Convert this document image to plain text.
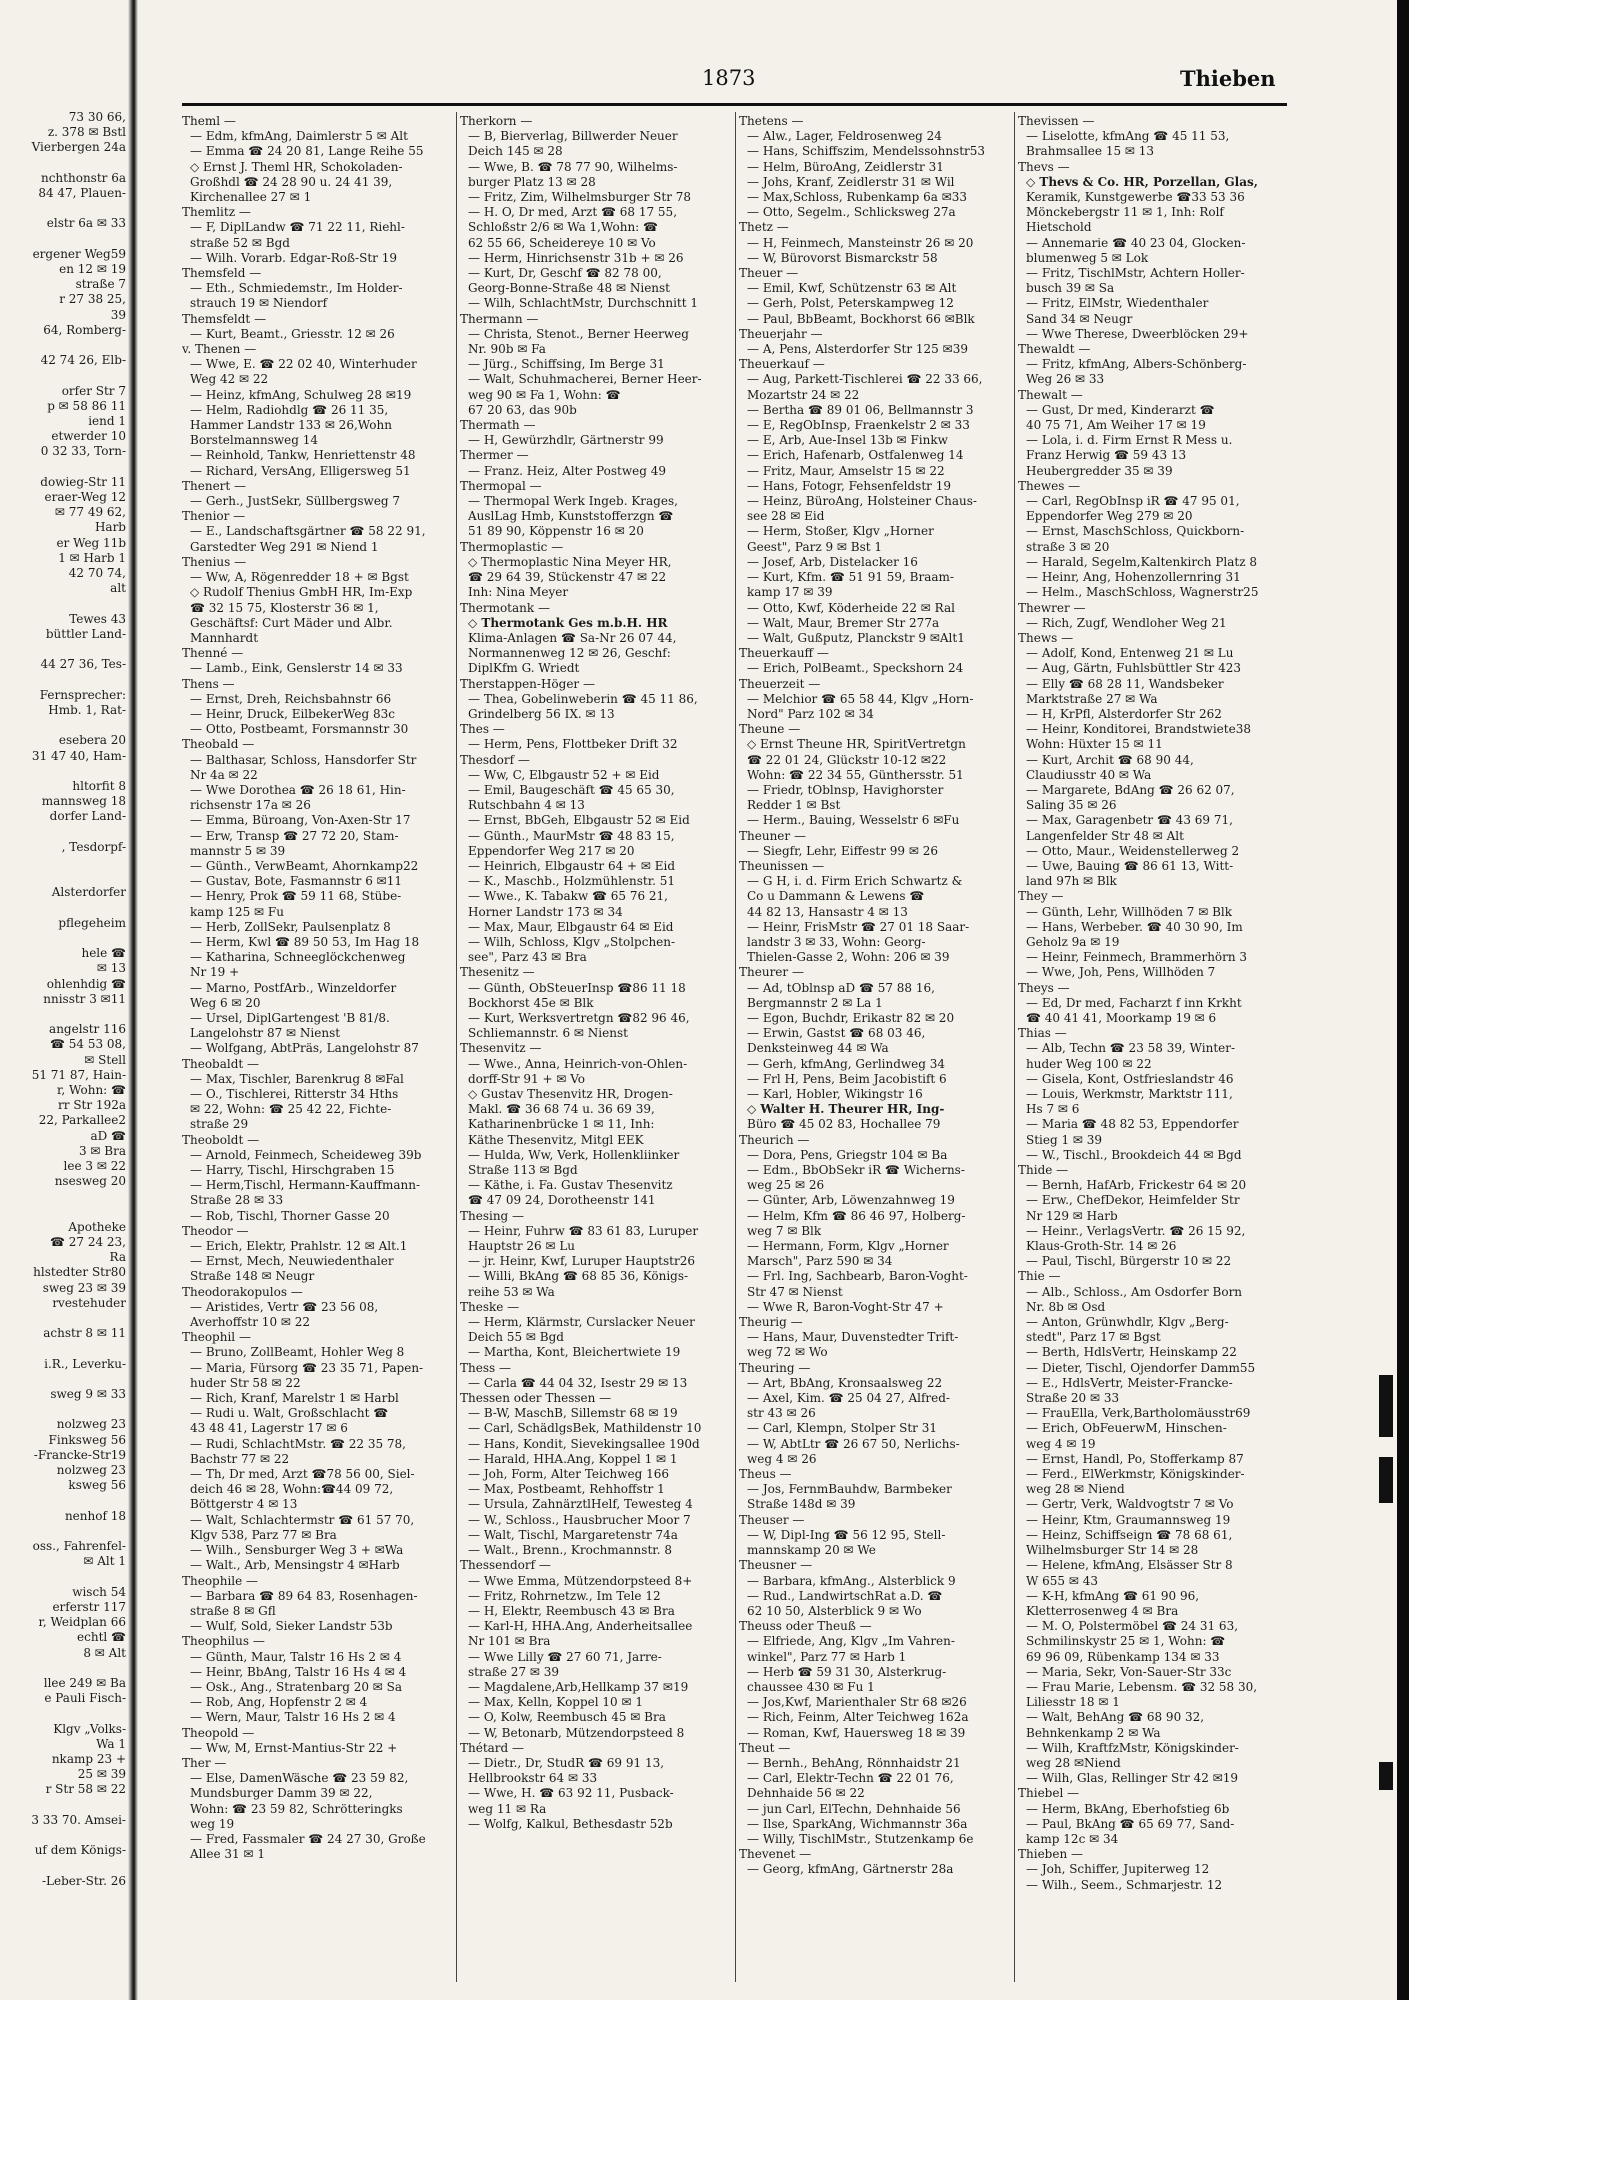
73 30 66,

z. 378 ✉ Bstl

Vierbergen 24a

nchthonstr 6a

84 47, Plauen-

elstr 6a ✉ 33

ergener Weg59

en 12 ✉ 19

straße 7

r 27 38 25,

39

64, Romberg-

42 74 26, Elb-

orfer Str 7

p ✉ 58 86 11

iend 1

etwerder 10

0 32 33, Torn-

dowieg-Str 11

eraer-Weg 12

✉ 77 49 62,

Harb

er Weg 11b

1 ✉ Harb 1

42 70 74,

alt

Tewes 43

büttler Land-

44 27 36, Tes-

Fernsprecher:

Hmb. 1, Rat-

esebera 20

31 47 40, Ham-

hltorfit 8

mannsweg 18

dorfer Land-

, Tesdorpf-

Alsterdorfer

pflegeheim

hele ☎

✉ 13

ohlenhdig ☎

nnisstr 3 ✉11

angelstr 116

☎ 54 53 08,

✉ Stell

51 71 87, Hain-

r, Wohn: ☎

rr Str 192a

22, Parkallee2

aD ☎

3 ✉ Bra

lee 3 ✉ 22

nsesweg 20

Apotheke

☎ 27 24 23,

Ra

hlstedter Str80

sweg 23 ✉ 39

rvestehuder

achstr 8 ✉ 11

i.R., Leverku-

sweg 9 ✉ 33

nolzweg 23

Finksweg 56

-Francke-Str19

nolzweg 23

ksweg 56

nenhof 18

oss., Fahrenfel-

✉ Alt 1

wisch 54

erferstr 117

r, Weidplan 66

echtl ☎

8 ✉ Alt

llee 249 ✉ Ba

e Pauli Fisch-

Klgv „Volks-

Wa 1

nkamp 23 +

25 ✉ 39

r Str 58 ✉ 22

3 33 70. Amsei-

uf dem Königs-

-Leber-Str. 26

1873	Thieben

Theml —

— Edm, kfmAng, Daimlerstr 5 ✉ Alt

— Emma ☎ 24 20 81, Lange Reihe 55

◇ Ernst J. Theml HR, Schokoladen-

Großhdl ☎ 24 28 90 u. 24 41 39,

Kirchenallee 27 ✉ 1

Themlitz —

— F, DiplLandw ☎ 71 22 11, Riehl-

straße 52 ✉ Bgd

— Wilh. Vorarb. Edgar-Roß-Str 19

Themsfeld —

— Eth., Schmiedemstr., Im Holder-

strauch 19 ✉ Niendorf

Themsfeldt —

— Kurt, Beamt., Griesstr. 12 ✉ 26

v. Thenen —

— Wwe, E. ☎ 22 02 40, Winterhuder

Weg 42 ✉ 22

— Heinz, kfmAng, Schulweg 28 ✉19

— Helm, Radiohdlg ☎ 26 11 35,

Hammer Landstr 133 ✉ 26,Wohn

Borstelmannsweg 14

— Reinhold, Tankw, Henriettenstr 48

— Richard, VersAng, Elligersweg 51

Thenert —

— Gerh., JustSekr, Süllbergsweg 7

Thenior —

— E., Landschaftsgärtner ☎ 58 22 91,

Garstedter Weg 291 ✉ Niend 1

Thenius —

— Ww, A, Rögenredder 18 + ✉ Bgst

◇ Rudolf Thenius GmbH HR, Im-Exp

☎ 32 15 75, Klosterstr 36 ✉ 1,

Geschäftsf: Curt Mäder und Albr.

Mannhardt

Thenné —

— Lamb., Eink, Genslerstr 14 ✉ 33

Thens —

— Ernst, Dreh, Reichsbahnstr 66

— Heinr, Druck, EilbekerWeg 83c

— Otto, Postbeamt, Forsmannstr 30

Theobald —

— Balthasar, Schloss, Hansdorfer Str

Nr 4a ✉ 22

— Wwe Dorothea ☎ 26 18 61, Hin-

richsenstr 17a ✉ 26

— Emma, Büroang, Von-Axen-Str 17

— Erw, Transp ☎ 27 72 20, Stam-

mannstr 5 ✉ 39

— Günth., VerwBeamt, Ahornkamp22

— Gustav, Bote, Fasmannstr 6 ✉11

— Henry, Prok ☎ 59 11 68, Stübe-

kamp 125 ✉ Fu

— Herb, ZollSekr, Paulsenplatz 8

— Herm, Kwl ☎ 89 50 53, Im Hag 18

— Katharina, Schneeglöckchenweg

Nr 19 +

— Marno, PostfArb., Winzeldorfer

Weg 6 ✉ 20

— Ursel, DiplGartengest 'B 81/8.

Langelohstr 87 ✉ Nienst

— Wolfgang, AbtPräs, Langelohstr 87

Theobaldt —

— Max, Tischler, Barenkrug 8 ✉Fal

— O., Tischlerei, Ritterstr 34 Hths

✉ 22, Wohn: ☎ 25 42 22, Fichte-

straße 29

Theoboldt —

— Arnold, Feinmech, Scheideweg 39b

— Harry, Tischl, Hirschgraben 15

— Herm,Tischl, Hermann-Kauffmann-

Straße 28 ✉ 33

— Rob, Tischl, Thorner Gasse 20

Theodor —

— Erich, Elektr, Prahlstr. 12 ✉ Alt.1

— Ernst, Mech, Neuwiedenthaler

Straße 148 ✉ Neugr

Theodorakopulos —

— Aristides, Vertr ☎ 23 56 08,

Averhoffstr 10 ✉ 22

Theophil —

— Bruno, ZollBeamt, Hohler Weg 8

— Maria, Fürsorg ☎ 23 35 71, Papen-

huder Str 58 ✉ 22

— Rich, Kranf, Marelstr 1 ✉ Harbl

— Rudi u. Walt, Großschlacht ☎

43 48 41, Lagerstr 17 ✉ 6

— Rudi, SchlachtMstr. ☎ 22 35 78,

Bachstr 77 ✉ 22

— Th, Dr med, Arzt ☎78 56 00, Siel-

deich 46 ✉ 28, Wohn:☎44 09 72,

Böttgerstr 4 ✉ 13

— Walt, Schlachtermstr ☎ 61 57 70,

Klgv 538, Parz 77 ✉ Bra

— Wilh., Sensburger Weg 3 + ✉Wa

— Walt., Arb, Mensingstr 4 ✉Harb

Theophile —

— Barbara ☎ 89 64 83, Rosenhagen-

straße 8 ✉ Gfl

— Wulf, Sold, Sieker Landstr 53b

Theophilus —

— Günth, Maur, Talstr 16 Hs 2 ✉ 4

— Heinr, BbAng, Talstr 16 Hs 4 ✉ 4

— Osk., Ang., Stratenbarg 20 ✉ Sa

— Rob, Ang, Hopfenstr 2 ✉ 4

— Wern, Maur, Talstr 16 Hs 2 ✉ 4

Theopold —

— Ww, M, Ernst-Mantius-Str 22 +

Ther —

— Else, DamenWäsche ☎ 23 59 82,

Mundsburger Damm 39 ✉ 22,

Wohn: ☎ 23 59 82, Schrötteringks

weg 19

— Fred, Fassmaler ☎ 24 27 30, Große

Allee 31 ✉ 1

Therkorn —

— B, Bierverlag, Billwerder Neuer

Deich 145 ✉ 28

— Wwe, B. ☎ 78 77 90, Wilhelms-

burger Platz 13 ✉ 28

— Fritz, Zim, Wilhelmsburger Str 78

— H. O, Dr med, Arzt ☎ 68 17 55,

Schloßstr 2/6 ✉ Wa 1,Wohn: ☎

62 55 66, Scheidereye 10 ✉ Vo

— Herm, Hinrichsenstr 31b + ✉ 26

— Kurt, Dr, Geschf ☎ 82 78 00,

Georg-Bonne-Straße 48 ✉ Nienst

— Wilh, SchlachtMstr, Durchschnitt 1

Thermann —

— Christa, Stenot., Berner Heerweg

Nr. 90b ✉ Fa

— Jürg., Schiffsing, Im Berge 31

— Walt, Schuhmacherei, Berner Heer-

weg 90 ✉ Fa 1, Wohn: ☎

67 20 63, das 90b

Thermath —

— H, Gewürzhdlr, Gärtnerstr 99

Thermer —

— Franz. Heiz, Alter Postweg 49

Thermopal —

— Thermopal Werk Ingeb. Krages,

AuslLag Hmb, Kunststofferzgn ☎

51 89 90, Köppenstr 16 ✉ 20

Thermoplastic —

◇ Thermoplastic Nina Meyer HR,

☎ 29 64 39, Stückenstr 47 ✉ 22

Inh: Nina Meyer

Thermotank —

◇ Thermotank Ges m.b.H. HR

Klima-Anlagen ☎ Sa-Nr 26 07 44,

Normannenweg 12 ✉ 26, Geschf:

DiplKfm G. Wriedt

Therstappen-Höger —

— Thea, Gobelinweberin ☎ 45 11 86,

Grindelberg 56 IX. ✉ 13

Thes —

— Herm, Pens, Flottbeker Drift 32

Thesdorf —

— Ww, C, Elbgaustr 52 + ✉ Eid

— Emil, Baugeschäft ☎ 45 65 30,

Rutschbahn 4 ✉ 13

— Ernst, BbGeh, Elbgaustr 52 ✉ Eid

— Günth., MaurMstr ☎ 48 83 15,

Eppendorfer Weg 217 ✉ 20

— Heinrich, Elbgaustr 64 + ✉ Eid

— K., Maschb., Holzmühlenstr. 51

— Wwe., K. Tabakw ☎ 65 76 21,

Horner Landstr 173 ✉ 34

— Max, Maur, Elbgaustr 64 ✉ Eid

— Wilh, Schloss, Klgv „Stolpchen-

see", Parz 43 ✉ Bra

Thesenitz —

— Günth, ObSteuerInsp ☎86 11 18

Bockhorst 45e ✉ Blk

— Kurt, Werksvertretgn ☎82 96 46,

Schliemannstr. 6 ✉ Nienst

Thesenvitz —

— Wwe., Anna, Heinrich-von-Ohlen-

dorff-Str 91 + ✉ Vo

◇ Gustav Thesenvitz HR, Drogen-

Makl. ☎ 36 68 74 u. 36 69 39,

Katharinenbrücke 1 ✉ 11, Inh:

Käthe Thesenvitz, Mitgl EEK

— Hulda, Ww, Verk, Hollenkliinker

Straße 113 ✉ Bgd

— Käthe, i. Fa. Gustav Thesenvitz

☎ 47 09 24, Dorotheenstr 141

Thesing —

— Heinr, Fuhrw ☎ 83 61 83, Luruper

Hauptstr 26 ✉ Lu

— jr. Heinr, Kwf, Luruper Hauptstr26

— Willi, BkAng ☎ 68 85 36, Königs-

reihe 53 ✉ Wa

Theske —

— Herm, Klärmstr, Curslacker Neuer

Deich 55 ✉ Bgd

— Martha, Kont, Bleichertwiete 19

Thess —

— Carla ☎ 44 04 32, Isestr 29 ✉ 13

Thessen oder Thessen —

— B-W, MaschB, Sillemstr 68 ✉ 19

— Carl, SchädlgsBek, Mathildenstr 10

— Hans, Kondit, Sievekingsallee 190d

— Harald, HHA.Ang, Koppel 1 ✉ 1

— Joh, Form, Alter Teichweg 166

— Max, Postbeamt, Rehhoffstr 1

— Ursula, ZahnärztlHelf, Tewesteg 4

— W., Schloss., Hausbrucher Moor 7

— Walt, Tischl, Margaretenstr 74a

— Walt., Brenn., Krochmannstr. 8

Thessendorf —

— Wwe Emma, Mützendorpsteed 8+

— Fritz, Rohrnetzw., Im Tele 12

— H, Elektr, Reembusch 43 ✉ Bra

— Karl-H, HHA.Ang, Anderheitsallee

Nr 101 ✉ Bra

— Wwe Lilly ☎ 27 60 71, Jarre-

straße 27 ✉ 39

— Magdalene,Arb,Hellkamp 37 ✉19

— Max, Kelln, Koppel 10 ✉ 1

— O, Kolw, Reembusch 45 ✉ Bra

— W, Betonarb, Mützendorpsteed 8

Thétard —

— Dietr., Dr, StudR ☎ 69 91 13,

Hellbrookstr 64 ✉ 33

— Wwe, H. ☎ 63 92 11, Pusback-

weg 11 ✉ Ra

— Wolfg, Kalkul, Bethesdastr 52b

Thetens —

— Alw., Lager, Feldrosenweg 24

— Hans, Schiffszim, Mendelssohnstr53

— Helm, BüroAng, Zeidlerstr 31

— Johs, Kranf, Zeidlerstr 31 ✉ Wil

— Max,Schloss, Rubenkamp 6a ✉33

— Otto, Segelm., Schlicksweg 27a

Thetz —

— H, Feinmech, Mansteinstr 26 ✉ 20

— W, Bürovorst Bismarckstr 58

Theuer —

— Emil, Kwf, Schützenstr 63 ✉ Alt

— Gerh, Polst, Peterskampweg 12

— Paul, BbBeamt, Bockhorst 66 ✉Blk

Theuerjahr —

— A, Pens, Alsterdorfer Str 125 ✉39

Theuerkauf —

— Aug, Parkett-Tischlerei ☎ 22 33 66,

Mozartstr 24 ✉ 22

— Bertha ☎ 89 01 06, Bellmannstr 3

— E, RegObInsp, Fraenkelstr 2 ✉ 33

— E, Arb, Aue-Insel 13b ✉ Finkw

— Erich, Hafenarb, Ostfalenweg 14

— Fritz, Maur, Amselstr 15 ✉ 22

— Hans, Fotogr, Fehsenfeldstr 19

— Heinz, BüroAng, Holsteiner Chaus-

see 28 ✉ Eid

— Herm, Stoßer, Klgv „Horner

Geest", Parz 9 ✉ Bst 1

— Josef, Arb, Distelacker 16

— Kurt, Kfm. ☎ 51 91 59, Braam-

kamp 17 ✉ 39

— Otto, Kwf, Köderheide 22 ✉ Ral

— Walt, Maur, Bremer Str 277a

— Walt, Gußputz, Planckstr 9 ✉Alt1

Theuerkauff —

— Erich, PolBeamt., Speckshorn 24

Theuerzeit —

— Melchior ☎ 65 58 44, Klgv „Horn-

Nord" Parz 102 ✉ 34

Theune —

◇ Ernst Theune HR, SpiritVertretgn

☎ 22 01 24, Glückstr 10-12 ✉22

Wohn: ☎ 22 34 55, Günthersstr. 51

— Friedr, tOblnsp, Havighorster

Redder 1 ✉ Bst

— Herm., Bauing, Wesselstr 6 ✉Fu

Theuner —

— Siegfr, Lehr, Eiffestr 99 ✉ 26

Theunissen —

— G H, i. d. Firm Erich Schwartz &

Co u Dammann & Lewens ☎

44 82 13, Hansastr 4 ✉ 13

— Heinr, FrisMstr ☎ 27 01 18 Saar-

landstr 3 ✉ 33, Wohn: Georg-

Thielen-Gasse 2, Wohn: 206 ✉ 39

Theurer —

— Ad, tOblnsp aD ☎ 57 88 16,

Bergmannstr 2 ✉ La 1

— Egon, Buchdr, Erikastr 82 ✉ 20

— Erwin, Gastst ☎ 68 03 46,

Denksteinweg 44 ✉ Wa

— Gerh, kfmAng, Gerlindweg 34

— Frl H, Pens, Beim Jacobistift 6

— Karl, Hobler, Wikingstr 16

◇ Walter H. Theurer HR, Ing-

Büro ☎ 45 02 83, Hochallee 79

Theurich —

— Dora, Pens, Griegstr 104 ✉ Ba

— Edm., BbObSekr iR ☎ Wicherns-

weg 25 ✉ 26

— Günter, Arb, Löwenzahnweg 19

— Helm, Kfm ☎ 86 46 97, Holberg-

weg 7 ✉ Blk

— Hermann, Form, Klgv „Horner

Marsch", Parz 590 ✉ 34

— Frl. Ing, Sachbearb, Baron-Voght-

Str 47 ✉ Nienst

— Wwe R, Baron-Voght-Str 47 +

Theurig —

— Hans, Maur, Duvenstedter Trift-

weg 72 ✉ Wo

Theuring —

— Art, BbAng, Kronsaalsweg 22

— Axel, Kim. ☎ 25 04 27, Alfred-

str 43 ✉ 26

— Carl, Klempn, Stolper Str 31

— W, AbtLtr ☎ 26 67 50, Nerlichs-

weg 4 ✉ 26

Theus —

— Jos, FernmBauhdw, Barmbeker

Straße 148d ✉ 39

Theuser —

— W, Dipl-Ing ☎ 56 12 95, Stell-

mannskamp 20 ✉ We

Theusner —

— Barbara, kfmAng., Alsterblick 9

— Rud., LandwirtschRat a.D. ☎

62 10 50, Alsterblick 9 ✉ Wo

Theuss oder Theuß —

— Elfriede, Ang, Klgv „Im Vahren-

winkel", Parz 77 ✉ Harb 1

— Herb ☎ 59 31 30, Alsterkrug-

chaussee 430 ✉ Fu 1

— Jos,Kwf, Marienthaler Str 68 ✉26

— Rich, Feinm, Alter Teichweg 162a

— Roman, Kwf, Hauersweg 18 ✉ 39

Theut —

— Bernh., BehAng, Rönnhaidstr 21

— Carl, Elektr-Techn ☎ 22 01 76,

Dehnhaide 56 ✉ 22

— jun Carl, ElTechn, Dehnhaide 56

— Ilse, SparkAng, Wichmannstr 36a

— Willy, TischlMstr., Stutzenkamp 6e

Thevenet —

— Georg, kfmAng, Gärtnerstr 28a

Thevissen —

— Liselotte, kfmAng ☎ 45 11 53,

Brahmsallee 15 ✉ 13

Thevs —

◇ Thevs & Co. HR, Porzellan, Glas,

Keramik, Kunstgewerbe ☎33 53 36

Mönckebergstr 11 ✉ 1, Inh: Rolf

Hietschold

— Annemarie ☎ 40 23 04, Glocken-

blumenweg 5 ✉ Lok

— Fritz, TischlMstr, Achtern Holler-

busch 39 ✉ Sa

— Fritz, ElMstr, Wiedenthaler

Sand 34 ✉ Neugr

— Wwe Therese, Dweerblöcken 29+

Thewaldt —

— Fritz, kfmAng, Albers-Schönberg-

Weg 26 ✉ 33

Thewalt —

— Gust, Dr med, Kinderarzt ☎

40 75 71, Am Weiher 17 ✉ 19

— Lola, i. d. Firm Ernst R Mess u.

Franz Herwig ☎ 59 43 13

Heubergredder 35 ✉ 39

Thewes —

— Carl, RegObInsp iR ☎ 47 95 01,

Eppendorfer Weg 279 ✉ 20

— Ernst, MaschSchloss, Quickborn-

straße 3 ✉ 20

— Harald, Segelm,Kaltenkirch Platz 8

— Heinr, Ang, Hohenzollernring 31

— Helm., MaschSchloss, Wagnerstr25

Thewrer —

— Rich, Zugf, Wendloher Weg 21

Thews —

— Adolf, Kond, Entenweg 21 ✉ Lu

— Aug, Gärtn, Fuhlsbüttler Str 423

— Elly ☎ 68 28 11, Wandsbeker

Marktstraße 27 ✉ Wa

— H, KrPfl, Alsterdorfer Str 262

— Heinr, Konditorei, Brandstwiete38

Wohn: Hüxter 15 ✉ 11

— Kurt, Archit ☎ 68 90 44,

Claudiusstr 40 ✉ Wa

— Margarete, BdAng ☎ 26 62 07,

Saling 35 ✉ 26

— Max, Garagenbetr ☎ 43 69 71,

Langenfelder Str 48 ✉ Alt

— Otto, Maur., Weidenstellerweg 2

— Uwe, Bauing ☎ 86 61 13, Witt-

land 97h ✉ Blk

They —

— Günth, Lehr, Willhöden 7 ✉ Blk

— Hans, Werbeber. ☎ 40 30 90, Im

Geholz 9a ✉ 19

— Heinr, Feinmech, Brammerhörn 3

— Wwe, Joh, Pens, Willhöden 7

Theys —

— Ed, Dr med, Facharzt f inn Krkht

☎ 40 41 41, Moorkamp 19 ✉ 6

Thias —

— Alb, Techn ☎ 23 58 39, Winter-

huder Weg 100 ✉ 22

— Gisela, Kont, Ostfrieslandstr 46

— Louis, Werkmstr, Marktstr 111,

Hs 7 ✉ 6

— Maria ☎ 48 82 53, Eppendorfer

Stieg 1 ✉ 39

— W., Tischl., Brookdeich 44 ✉ Bgd

Thide —

— Bernh, HafArb, Frickestr 64 ✉ 20

— Erw., ChefDekor, Heimfelder Str

Nr 129 ✉ Harb

— Heinr., VerlagsVertr. ☎ 26 15 92,

Klaus-Groth-Str. 14 ✉ 26

— Paul, Tischl, Bürgerstr 10 ✉ 22

Thie —

— Alb., Schloss., Am Osdorfer Born

Nr. 8b ✉ Osd

— Anton, Grünwhdlr, Klgv „Berg-

stedt", Parz 17 ✉ Bgst

— Berth, HdlsVertr, Heinskamp 22

— Dieter, Tischl, Ojendorfer Damm55

— E., HdlsVertr, Meister-Francke-

Straße 20 ✉ 33

— FrauElla, Verk,Bartholomäusstr69

— Erich, ObFeuerwM, Hinschen-

weg 4 ✉ 19

— Ernst, Handl, Po, Stofferkamp 87

— Ferd., ElWerkmstr, Königskinder-

weg 28 ✉ Niend

— Gertr, Verk, Waldvogtstr 7 ✉ Vo

— Heinr, Ktm, Graumannsweg 19

— Heinz, Schiffseign ☎ 78 68 61,

Wilhelmsburger Str 14 ✉ 28

— Helene, kfmAng, Elsässer Str 8

W 655 ✉ 43

— K-H, kfmAng ☎ 61 90 96,

Kletterrosenweg 4 ✉ Bra

— M. O, Polstermöbel ☎ 24 31 63,

Schmilinskystr 25 ✉ 1, Wohn: ☎

69 96 09, Rübenkamp 134 ✉ 33

— Maria, Sekr, Von-Sauer-Str 33c

— Frau Marie, Lebensm. ☎ 32 58 30,

Liliesstr 18 ✉ 1

— Walt, BehAng ☎ 68 90 32,

Behnkenkamp 2 ✉ Wa

— Wilh, KraftfzMstr, Königskinder-

weg 28 ✉Niend

— Wilh, Glas, Rellinger Str 42 ✉19

Thiebel —

— Herm, BkAng, Eberhofstieg 6b

— Paul, BkAng ☎ 65 69 77, Sand-

kamp 12c ✉ 34

Thieben —

— Joh, Schiffer, Jupiterweg 12

— Wilh., Seem., Schmarjestr. 12
